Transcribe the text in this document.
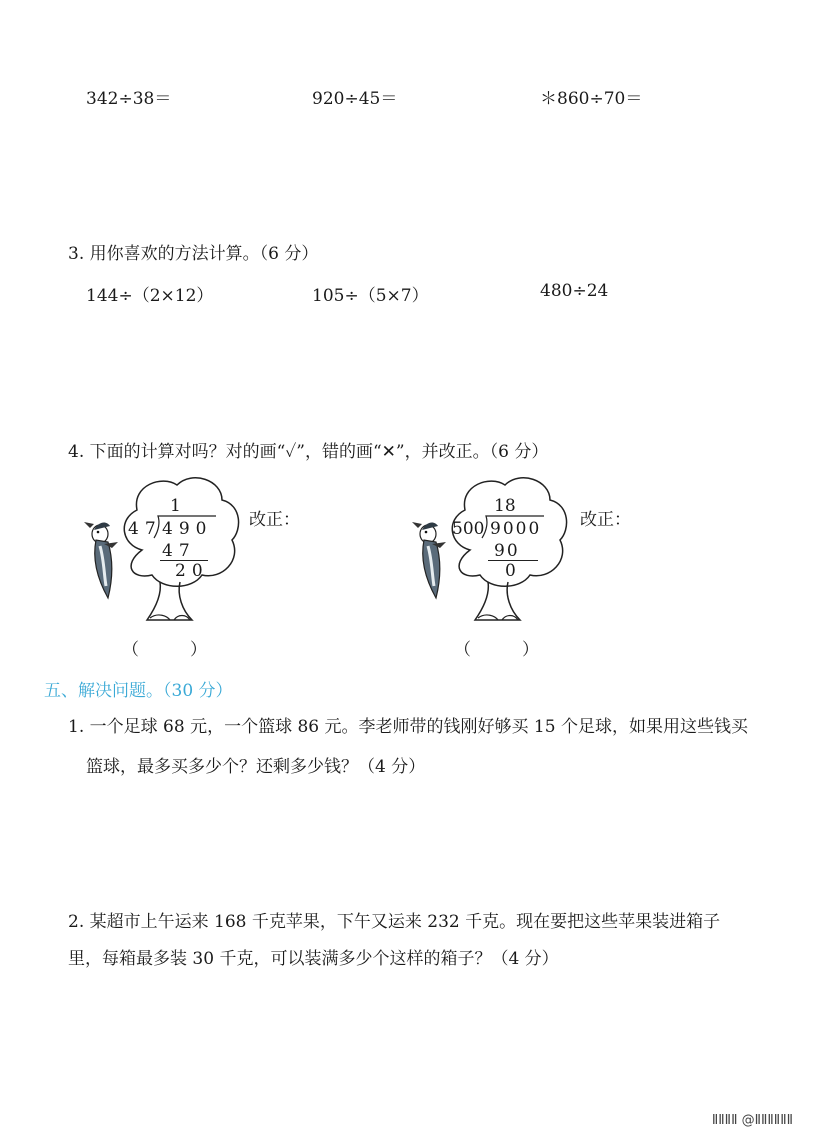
342÷38＝	920÷45＝	＊860÷70＝
3. 用你喜欢的方法计算。（6 分）
144÷（2×12）	105÷（5×7）	480÷24
4. 下面的计算对吗？对的画“✓”，错的画“✕”，并改正。（6 分）
1
47 490
47
20
改正：
（　　　）
18
500 9000
90
0
改正：
（　　　）
五、解决问题。（30 分）
1. 一个足球 68 元，一个篮球 86 元。李老师带的钱刚好够买 15 个足球，如果用这些钱买
篮球，最多买多少个？还剩多少钱？（4 分）
2. 某超市上午运来 168 千克苹果，下午又运来 232 千克。现在要把这些苹果装进箱子
里，每箱最多装 30 千克，可以装满多少个这样的箱子？（4 分）
ⅡⅡⅡⅡ @ⅡⅡⅡⅡⅡⅡ
